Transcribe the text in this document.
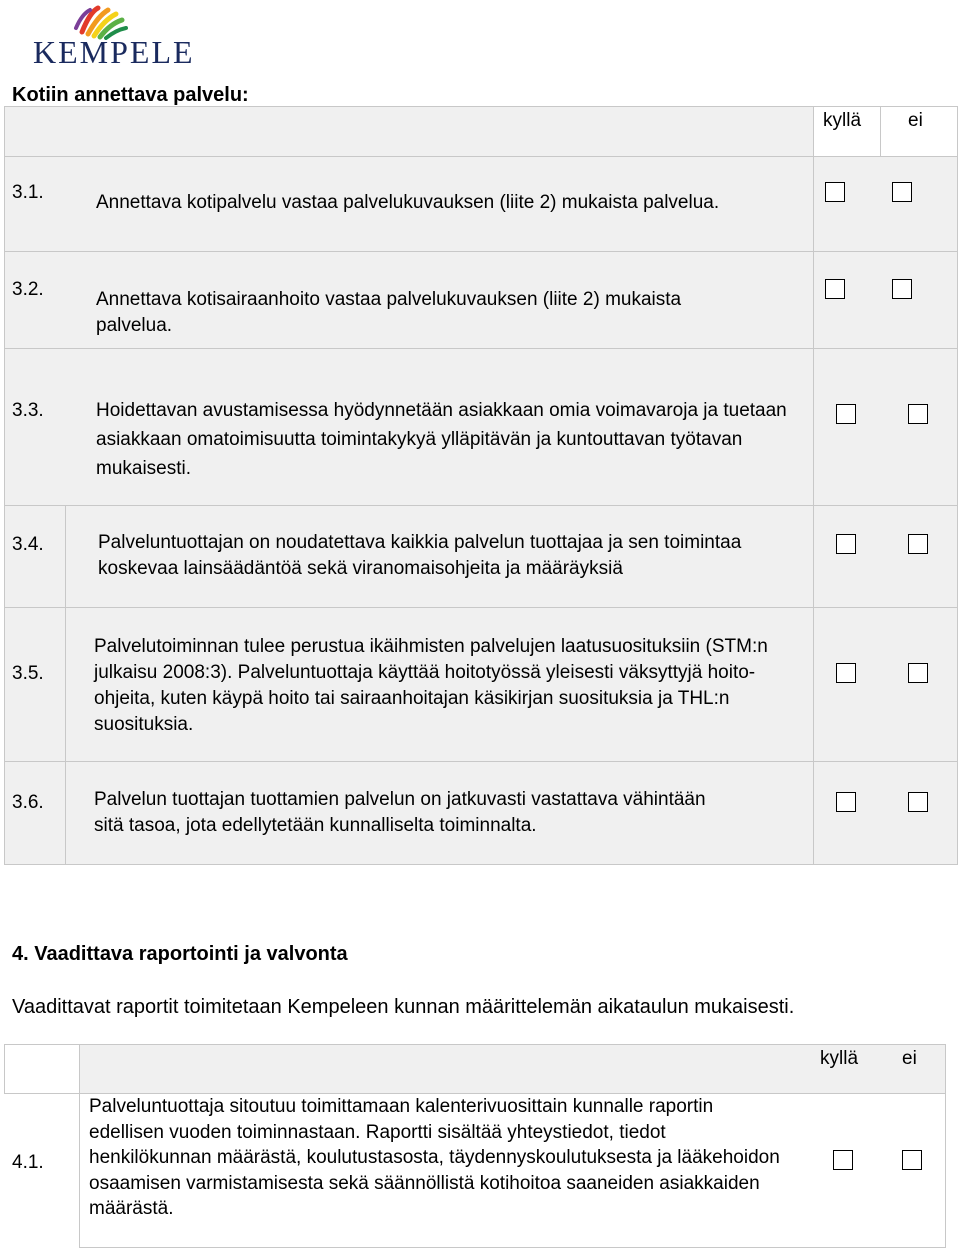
KEMPELE
Kotiin annettava palvelu:
kyllä ei
3.1.	Annettava kotipalvelu vastaa palvelukuvauksen (liite 2) mukaista palvelua.
3.2.	Annettava kotisairaanhoito vastaa palvelukuvauksen (liite 2) mukaista palvelua.
3.3.	Hoidettavan avustamisessa hyödynnetään asiakkaan omia voimavaroja ja tuetaan asiakkaan omatoimisuutta toimintakykyä ylläpitävän ja kuntouttavan työtavan mukaisesti.
3.4.	Palveluntuottajan on noudatettava kaikkia palvelun tuottajaa ja sen toimintaa koskevaa lainsäädäntöä sekä viranomaisohjeita ja määräyksiä
3.5.
Palvelutoiminnan tulee perustua ikäihmisten palvelujen laatusuosituksiin (STM:n julkaisu 2008:3). Palveluntuottaja käyttää hoitotyössä yleisesti väksyttyjä hoito-ohjeita, kuten käypä hoito tai sairaanhoitajan käsikirjan suosituksia ja THL:n suosituksia.
3.6.	Palvelun tuottajan tuottamien palvelun on jatkuvasti vastattava vähintään sitä tasoa, jota edellytetään kunnalliselta toiminnalta.
4. Vaadittava raportointi ja valvonta
Vaadittavat raportit toimitetaan Kempeleen kunnan määrittelemän aikataulun mukaisesti.
kyllä ei
4.1.
Palveluntuottaja sitoutuu toimittamaan kalenterivuosittain kunnalle raportin edellisen vuoden toiminnastaan. Raportti sisältää yhteystiedot, tiedot henkilökunnan määrästä, koulutustasosta, täydennyskoulutuksesta ja lääkehoidon osaamisen varmistamisesta sekä säännöllistä kotihoitoa saaneiden asiakkaiden määrästä.
